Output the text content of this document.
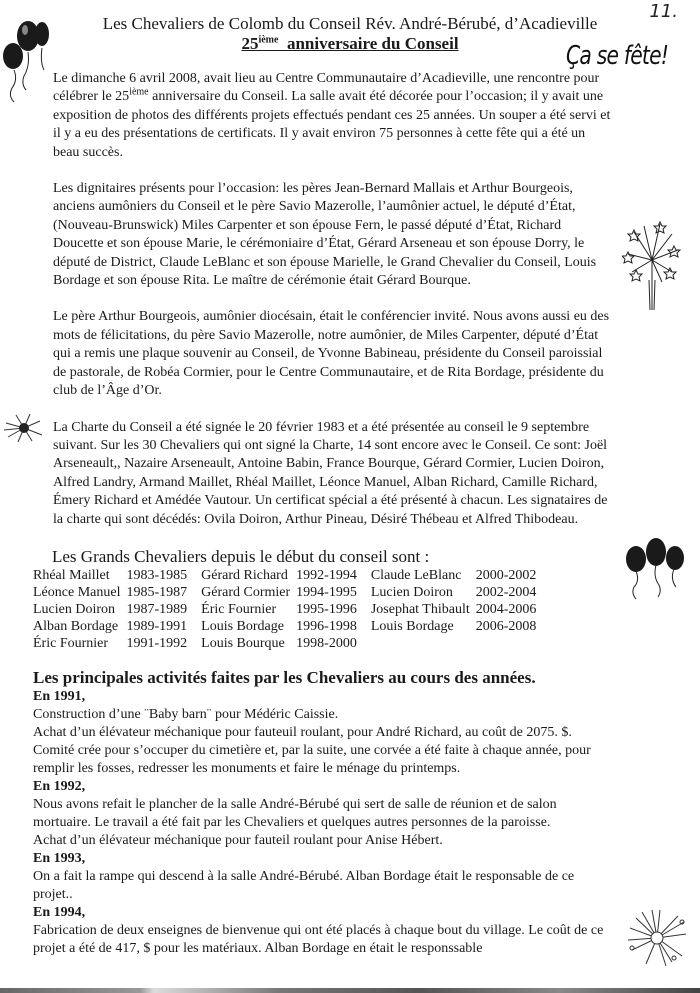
11.
Les Chevaliers de Colomb du Conseil Rév. André-Bérubé, d’Acadieville
25ième anniversaire du Conseil	Ça se fête!
Le dimanche 6 avril 2008, avait lieu au Centre Communautaire d’Acadieville, une rencontre pour célébrer le 25ième anniversaire du Conseil. La salle avait été décorée pour l’occasion; il y avait une exposition de photos des différents projets effectués pendant ces 25 années. Un souper a été servi et il y a eu des présentations de certificats. Il y avait environ 75 personnes à cette fête qui a été un beau succès.
Les dignitaires présents pour l’occasion: les pères Jean-Bernard Mallais et Arthur Bourgeois, anciens aumôniers du Conseil et le père Savio Mazerolle, l’aumônier actuel, le député d’État, (Nouveau-Brunswick) Miles Carpenter et son épouse Fern, le passé député d’État, Richard Doucette et son épouse Marie, le cérémoniaire d’État, Gérard Arseneau et son épouse Dorry, le député de District, Claude LeBlanc et son épouse Marielle, le Grand Chevalier du Conseil, Louis Bordage et son épouse Rita. Le maître de cérémonie était Gérard Bourque.
Le père Arthur Bourgeois, aumônier diocésain, était le conférencier invité. Nous avons aussi eu des mots de félicitations, du père Savio Mazerolle, notre aumônier, de Miles Carpenter, député d’État qui a remis une plaque souvenir au Conseil, de Yvonne Babineau, présidente du Conseil paroissial de pastorale, de Robéa Cormier, pour le Centre Communautaire, et de Rita Bordage, présidente du club de l’Âge d’Or.
La Charte du Conseil a été signée le 20 février 1983 et a été présentée au conseil le 9 septembre suivant. Sur les 30 Chevaliers qui ont signé la Charte, 14 sont encore avec le Conseil. Ce sont: Joël Arseneault,, Nazaire Arseneault, Antoine Babin, France Bourque, Gérard Cormier, Lucien Doiron, Alfred Landry, Armand Maillet, Rhéal Maillet, Léonce Manuel, Alban Richard, Camille Richard, Émery Richard et Amédée Vautour. Un certificat spécial a été présenté à chacun. Les signataires de la charte qui sont décédés: Ovila Doiron, Arthur Pineau, Désiré Thébeau et Alfred Thibodeau.
Les Grands Chevaliers depuis le début du conseil sont :
Rhéal Maillet	1983-1985	Gérard Richard	1992-1994	Claude LeBlanc	2000-2002
Léonce Manuel	1985-1987	Gérard Cormier	1994-1995	Lucien Doiron	2002-2004
Lucien Doiron	1987-1989	Éric Fournier	1995-1996	Josephat Thibault	2004-2006
Alban Bordage	1989-1991	Louis Bordage	1996-1998	Louis Bordage	2006-2008
Éric Fournier	1991-1992	Louis Bourque	1998-2000		
Les principales activités faites par les Chevaliers au cours des années.
En 1991,
Construction d’une ¨Baby barn¨ pour Médéric Caissie.
Achat d’un élévateur méchanique pour fauteuil roulant, pour André Richard, au coût de 2075. $.
Comité crée pour s’occuper du cimetière et, par la suite, une corvée a été faite à chaque année, pour remplir les fosses, redresser les monuments et faire le ménage du printemps.
En 1992,
Nous avons refait le plancher de la salle André-Bérubé qui sert de salle de réunion et de salon mortuaire. Le travail a été fait par les Chevaliers et quelques autres personnes de la paroisse.
Achat d’un élévateur méchanique pour fauteil roulant pour Anise Hébert.
En 1993,
On a fait la rampe qui descend à la salle André-Bérubé. Alban Bordage était le responsable de ce projet..
En 1994,
Fabrication de deux enseignes de bienvenue qui ont été placés à chaque bout du village. Le coût de ce projet a été de 417, $ pour les matériaux. Alban Bordage en était le responssable
